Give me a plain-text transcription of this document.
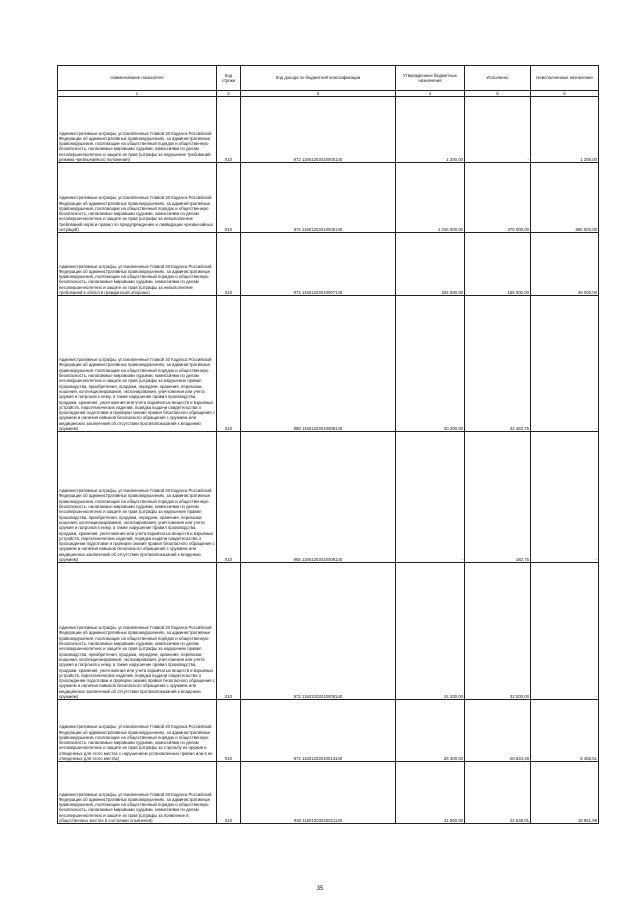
.
Наименование показателя	Код строки	Код дохода по бюджетной классификации	Утвержденные бюджетные назначения	Исполнено	Неисполненные назначения
1	2	3	4	5	6

Административные штрафы, установленные Главой 20 Кодекса Российской Федерации об административных правонарушениях, за административные правонарушения, посягающие на общественный порядок и общественную безопасность, налагаемые мировыми судьями, комиссиями по делам несовершеннолетних и защите их прав (штрафы за нарушение требований режима чрезвычайного положения)	010	972 11601203010005140	1 200,00	-	1 200,00
Административные штрафы, установленные Главой 20 Кодекса Российской Федерации об административных правонарушениях, за административные правонарушения, посягающие на общественный порядок и общественную безопасность, налагаемые мировыми судьями, комиссиями по делам несовершеннолетних и защите их прав (штрафы за невыполнение требований норм и правил по предупреждению и ликвидации чрезвычайных ситуаций)	010	972 11601203010006140	1 226 000,00	370 000,00	856 000,00
Административные штрафы, установленные Главой 20 Кодекса Российской Федерации об административных правонарушениях, за административные правонарушения, посягающие на общественный порядок и общественную безопасность, налагаемые мировыми судьями, комиссиями по делам несовершеннолетних и защите их прав (штрафы за невыполнение требований в области гражданской обороны)	010	972 11601203010007140	204 000,00	155 000,00	49 000,00
Административные штрафы, установленные Главой 20 Кодекса Российской Федерации об административных правонарушениях, за административные правонарушения, посягающие на общественный порядок и общественную безопасность, налагаемые мировыми судьями, комиссиями по делам несовершеннолетних и защите их прав (штрафы за нарушение правил производства, приобретения, продажи, передачи, хранения, перевозки, ношения, коллекционирования, экспонирования, уничтожения или учета оружия и патронов к нему, а также нарушение правил производства, продажи, хранения, уничтожения или учета взрывчатых веществ и взрывных устройств, пиротехнических изделий, порядка выдачи свидетельства о прохождении подготовки и проверки знания правил безопасного обращения с оружием и наличия навыков безопасного обращения с оружием или медицинских заключений об отсутствии противопоказаний к владению оружием)	010	880 11601203010008140	20 200,00	32 182,75	-
Административные штрафы, установленные Главой 20 Кодекса Российской Федерации об административных правонарушениях, за административные правонарушения, посягающие на общественный порядок и общественную безопасность, налагаемые мировыми судьями, комиссиями по делам несовершеннолетних и защите их прав (штрафы за нарушение правил производства, приобретения, продажи, передачи, хранения, перевозки, ношения, коллекционирования, экспонирования, уничтожения или учета оружия и патронов к нему, а также нарушение правил производства, продажи, хранения, уничтожения или учета взрывчатых веществ и взрывных устройств, пиротехнических изделий, порядка выдачи свидетельства о прохождении подготовки и проверки знания правил безопасного обращения с оружием и наличия навыков безопасного обращения с оружием или медицинских заключений об отсутствии противопоказаний к владению оружием)	010	965 11601203010008140	-	182,75	-
Административные штрафы, установленные Главой 20 Кодекса Российской Федерации об административных правонарушениях, за административные правонарушения, посягающие на общественный порядок и общественную безопасность, налагаемые мировыми судьями, комиссиями по делам несовершеннолетних и защите их прав (штрафы за нарушение правил производства, приобретения, продажи, передачи, хранения, перевозки, ношения, коллекционирования, экспонирования, уничтожения или учета оружия и патронов к нему, а также нарушение правил производства, продажи, хранения, уничтожения или учета взрывчатых веществ и взрывных устройств, пиротехнических изделий, порядка выдачи свидетельства о прохождении подготовки и проверки знания правил безопасного обращения с оружием и наличия навыков безопасного обращения с оружием или медицинских заключений об отсутствии противопоказаний к владению оружием)	010	972 11601203010008140	24 200,00	32 000,00	-
Административные штрафы, установленные Главой 20 Кодекса Российской Федерации об административных правонарушениях, за административные правонарушения, посягающие на общественный порядок и общественную безопасность, налагаемые мировыми судьями, комиссиями по делам несовершеннолетних и защите их прав (штрафы за стрельбу из оружия в отведенных для этого местах с нарушением установленных правил или в не отведенных для этого местах)	010	972 11601203010013140	26 300,00	20 834,49	5 465,51
Административные штрафы, установленные Главой 20 Кодекса Российской Федерации об административных правонарушениях, за административные правонарушения, посягающие на общественный порядок и общественную безопасность, налагаемые мировыми судьями, комиссиями по делам несовершеннолетних и защите их прав (штрафы за появление в общественных местах в состоянии опьянения)	010	930 11601203010021140	41 500,00	22 638,01	18 861,99
35
